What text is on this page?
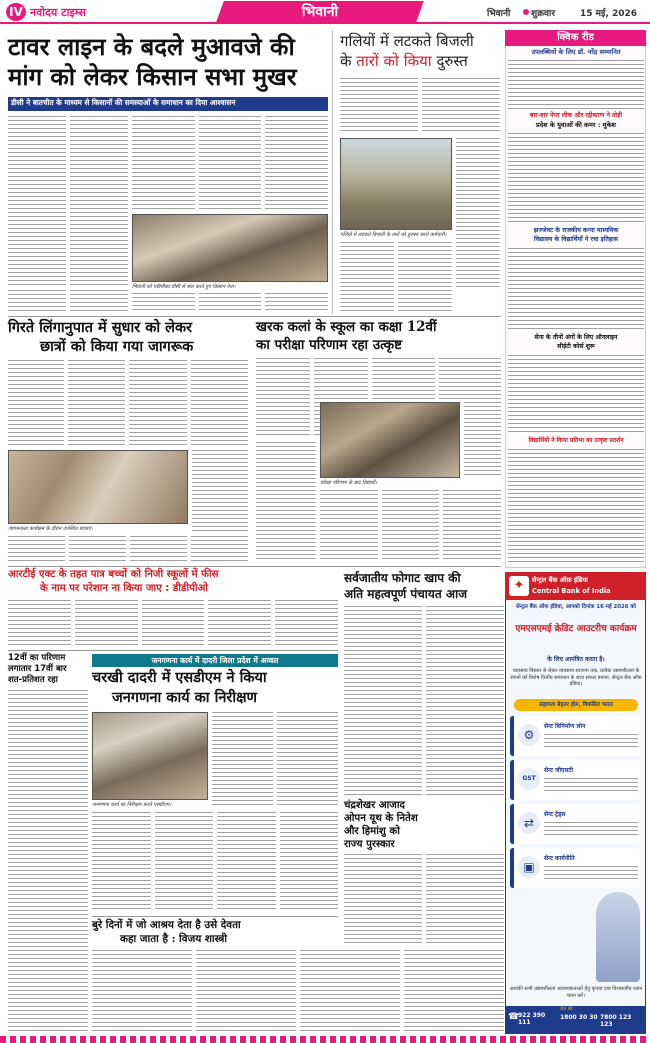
IV नवोदय टाइम्स	भिवानी	भिवानी	शुक्रवार	15 मई, 2026
टावर लाइन के बदले मुआवजे की
मांग को लेकर किसान सभा मुखर
डीसी ने बातचीत के माध्यम से किसानों की समस्याओं के समाधान का दिया आश्वासन
भिवानी को एडीसीका डीसी से बात करते हुए किसान नेता।
गलियों में लटकते बिजली
के तारों को किया दुरुस्त
गलियों में लटकते बिजली के तारों को ठुरुस्त करते कर्मचारी।
क्विक रीड
उपलब्धियों के लिए डॉ. नरेंद्र सम्मानित
बार-बार पेपर लीक और रद्दीकरण ने तोड़ी
प्रदेश के युवाओं की कमर : मुकेश
झज्जेवट के राजकीय कन्या माध्यमिक
विद्यालय के विद्यार्थियों ने रचा इतिहास
सेना के तीनों अंगों के लिए ऑनलाइन
सीईटी कोर्स शुरू
विद्यार्थियों ने किया प्रतिभा का उत्कृष्ट प्रदर्शन
गिरते लिंगानुपात में सुधार को लेकर
छात्रों को किया गया जागरूक
जागरूकता कार्यक्रम के दौरान उपस्थित छात्राएं।
खरक कलां के स्कूल का कक्षा 12वीं
का परीक्षा परिणाम रहा उत्कृष्ट
परीक्षा परिणाम के बाद विद्यार्थी।
आरटीई एक्ट के तहत पात्र बच्चों को निजी स्कूलों में फीस
के नाम पर परेशान ना किया जाए : डीडीपीओ
सर्वजातीय फोगाट खाप की
अति महत्वपूर्ण पंचायत आज
12वीं का परिणाम
लगातार 17वीं बार
शत-प्रतिशत रहा
जनगणना कार्य में दादरी जिला प्रदेश में अव्वल
चरखी दादरी में एसडीएम ने किया
जनगणना कार्य का निरीक्षण
जनगणना कार्य का निरीक्षण करते एसडीएम।
बुरे दिनों में जो आश्रय देता है उसे देवता
कहा जाता है : विजय शास्त्री
चंद्रशेखर आजाद
ओपन यूथ के नितेश
और हिमांशु को
राज्य पुरस्कार
✦	सेन्ट्रल बैंक ऑफ़ इंडिया
Central Bank of India
सेन्ट्रल बैंक ऑफ इंडिया, आपको दिनांक 16 मई 2026 को
एमएसएमई क्रेडिट आउटरीच कार्यक्रम
के लिए आमंत्रित करता है।
व्यवसाय विस्तार से लेकर व्यवसाय स्थापना तक, प्रत्येक उद्यमशीलता के सपनों को विशेष वित्तीय समाधान के साथ सफल बनाना, सेन्ट्रल बैंक ऑफ इंडिया।
सहायता बेहतर होम, विकसित भारत
⚙
सेन्ट विनिर्माण लोन
GST
सेन्ट जीएसटी
⇄
सेन्ट ट्रेड्स
▣
सेन्ट कार्यनीति
आपकी सभी उद्यमशीलता आवश्यकताओं हेतु कृपया एक विश्वसनीय प्लान चयन करें।
☎
922 390 111
टोल फ्री
1800 30 30 7800 123 123
